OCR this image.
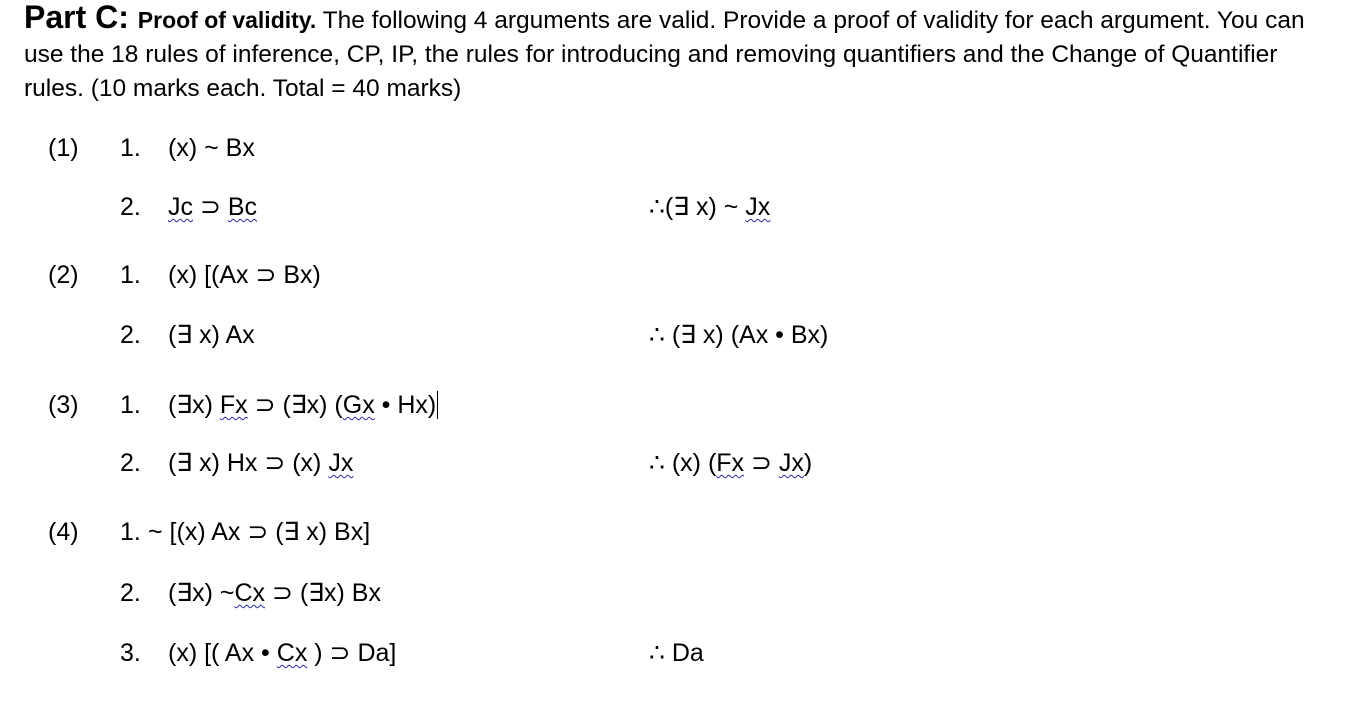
Part C: Proof of validity. The following 4 arguments are valid. Provide a proof of validity for each argument. You can use the 18 rules of inference, CP, IP, the rules for introducing and removing quantifiers and the Change of Quantifier rules. (10 marks each. Total = 40 marks)
(1) 1. (x) ~ Bx
2. Jc ⊃ Bc	∴(∃ x) ~ Jx
(2) 1. (x) [(Ax ⊃ Bx)
2. (∃ x) Ax	∴ (∃ x) (Ax • Bx)
(3) 1. (∃x) Fx ⊃ (∃x) (Gx • Hx)
2. (∃ x) Hx ⊃ (x) Jx	∴ (x) (Fx ⊃ Jx)
(4) 1. ~ [(x) Ax ⊃ (∃ x) Bx]
2. (∃x) ~Cx ⊃ (∃x) Bx
3. (x) [( Ax • Cx ) ⊃ Da]	∴ Da
